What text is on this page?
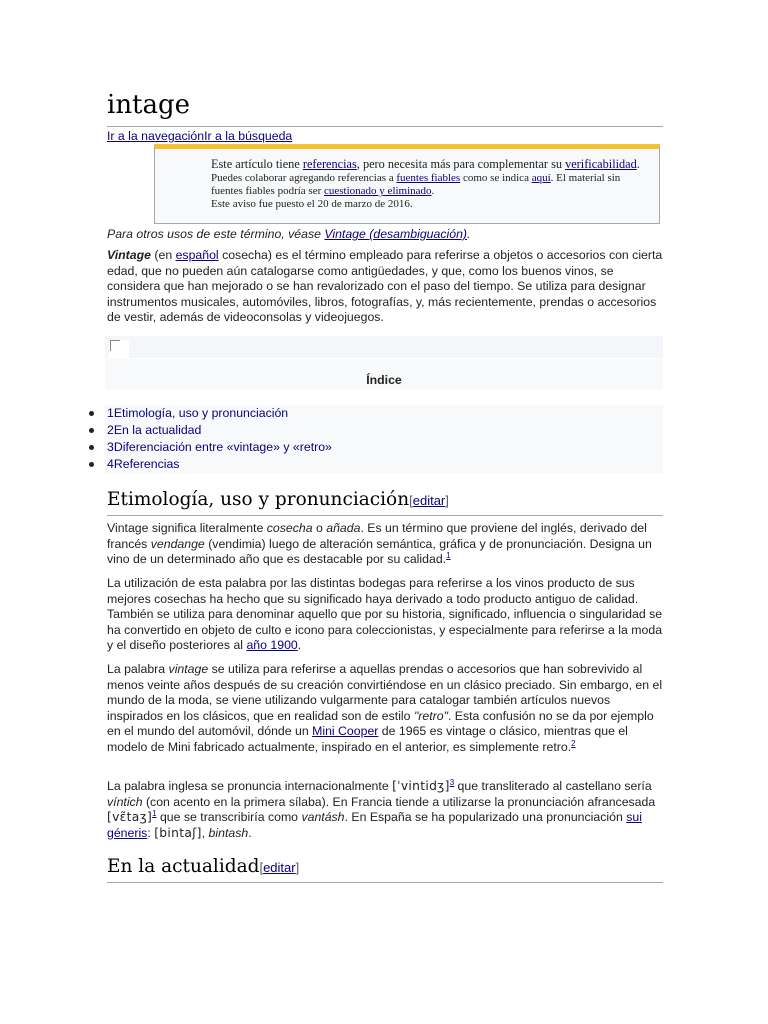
intage
Ir a la navegaciónIr a la búsqueda
Este artículo tiene referencias, pero necesita más para complementar su verificabilidad.
Puedes colaborar agregando referencias a fuentes fiables como se indica aquí. El material sin fuentes fiables podría ser cuestionado y eliminado.
Este aviso fue puesto el 20 de marzo de 2016.
Para otros usos de este término, véase Vintage (desambiguación).

Vintage (en español cosecha) es el término empleado para referirse a objetos o accesorios con cierta edad, que no pueden aún catalogarse como antigüedades, y que, como los buenos vinos, se considera que han mejorado o se han revalorizado con el paso del tiempo. Se utiliza para designar instrumentos musicales, automóviles, libros, fotografías, y, más recientemente, prendas o accesorios de vestir, además de videoconsolas y videojuegos.

Índice
1Etimología, uso y pronunciación
2En la actualidad
3Diferenciación entre «vintage» y «retro»
4Referencias
Etimología, uso y pronunciación[editar]

Vintage significa literalmente cosecha o añada. Es un término que proviene del inglés, derivado del francés vendange (vendimia) luego de alteración semántica, gráfica y de pronunciación. Designa un vino de un determinado año que es destacable por su calidad.$^1$

La utilización de esta palabra por las distintas bodegas para referirse a los vinos producto de sus mejores cosechas ha hecho que su significado haya derivado a todo producto antiguo de calidad. También se utiliza para denominar aquello que por su historia, significado, influencia o singularidad se ha convertido en objeto de culto e icono para coleccionistas, y especialmente para referirse a la moda y el diseño posteriores al año 1900.

La palabra vintage se utiliza para referirse a aquellas prendas o accesorios que han sobrevivido al menos veinte años después de su creación convirtiéndose en un clásico preciado. Sin embargo, en el mundo de la moda, se viene utilizando vulgarmente para catalogar también artículos nuevos inspirados en los clásicos, que en realidad son de estilo "retro". Esta confusión no se da por ejemplo en el mundo del automóvil, dónde un Mini Cooper de 1965 es vintage o clásico, mientras que el modelo de Mini fabricado actualmente, inspirado en el anterior, es simplemente retro.$^2$

La palabra inglesa se pronuncia internacionalmente [ˈvintidʒ]$^3$ que transliterado al castellano sería víntich (con acento en la primera sílaba). En Francia tiende a utilizarse la pronunciación afrancesada [vɛ̃taʒ]$^1$ que se transcribiría como vantásh. En España se ha popularizado una pronunciación sui géneris: [bintaʃ], bintash.

En la actualidad[editar]
